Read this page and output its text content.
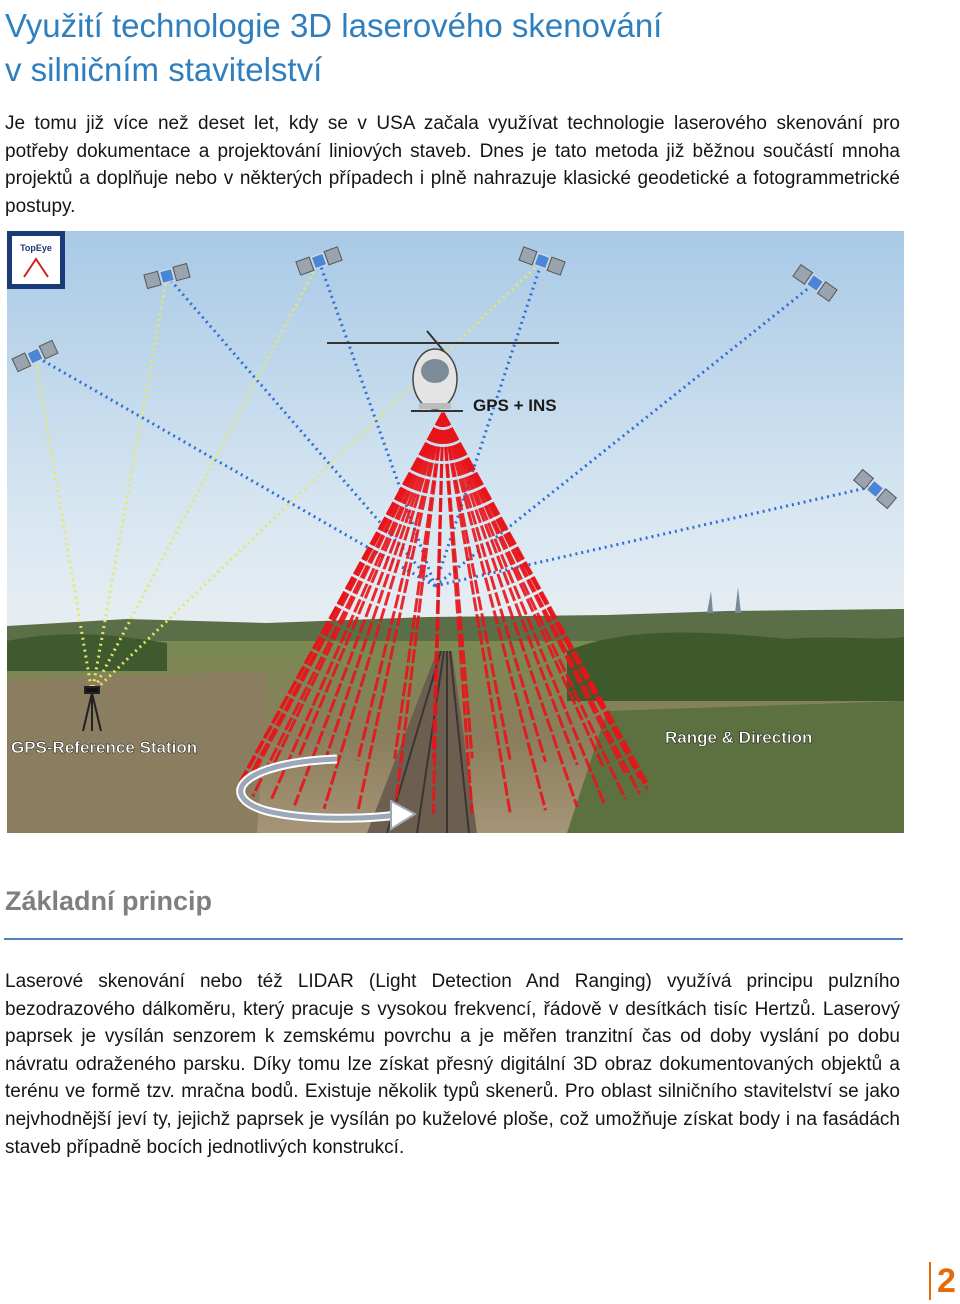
Využití technologie 3D laserového skenování
v silničním stavitelství

Je tomu již více než deset let, kdy se v USA začala využívat technologie laserového skenování pro potřeby dokumentace a projektování liniových staveb. Dnes je tato metoda již běžnou součástí mnoha projektů a doplňuje nebo v některých případech i plně nahrazuje klasické geodetické a fotogrammetrické postupy.

TopEye
GPS + INS
GPS-Reference Station
Range & Direction
Základní princip

Laserové skenování nebo též LIDAR (Light Detection And Ranging) využívá principu pulzního bezodrazového dálkoměru, který pracuje s vysokou frekvencí, řádově v desítkách tisíc Hertzů. Laserový paprsek je vysílán senzorem k zemskému povrchu a je měřen tranzitní čas od doby vyslání po dobu návratu odraženého parsku. Díky tomu lze získat přesný digitální 3D obraz dokumentovaných objektů a terénu ve formě tzv. mračna bodů. Existuje několik typů skenerů. Pro oblast silničního stavitelství se jako nejvhodnější jeví ty, jejichž paprsek je vysílán po kuželové ploše, což umožňuje získat body i na fasádách staveb případně bocích jednotlivých konstrukcí.

2
